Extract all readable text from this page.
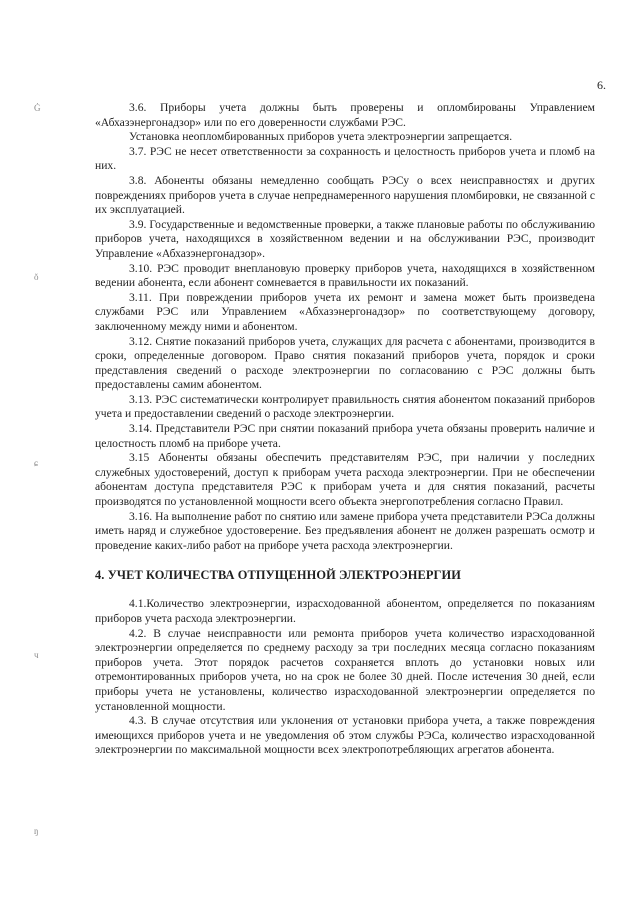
6.
Ġ
ŏ
ɕ
ч
ŋ

3.6. Приборы учета должны быть проверены и опломбированы Управлением «Абхазэнергонадзор» или по его доверенности службами РЭС.

Установка неопломбированных приборов учета электроэнергии запрещается.

3.7. РЭС не несет ответственности за сохранность и целостность приборов учета и пломб на них.

3.8. Абоненты обязаны немедленно сообщать РЭСу о всех неисправностях и других повреждениях приборов учета в случае непреднамеренного нарушения пломбировки, не связанной с их эксплуатацией.

3.9. Государственные и ведомственные проверки, а также плановые работы по обслуживанию приборов учета, находящихся в хозяйственном ведении и на обслуживании РЭС, производит Управление «Абхазэнергонадзор».

3.10. РЭС проводит внеплановую проверку приборов учета, находящихся в хозяйственном ведении абонента, если абонент сомневается в правильности их показаний.

3.11. При повреждении приборов учета их ремонт и замена может быть произведена службами РЭС или Управлением «Абхазэнергонадзор» по соответствующему договору, заключенному между ними и абонентом.

3.12. Снятие показаний приборов учета, служащих для расчета с абонентами, производится в сроки, определенные договором. Право снятия показаний приборов учета, порядок и сроки представления сведений о расходе электроэнергии по согласованию с РЭС должны быть предоставлены самим абонентом.

3.13. РЭС систематически контролирует правильность снятия абонентом показаний приборов учета и предоставлении сведений о расходе электроэнергии.

3.14. Представители РЭС при снятии показаний прибора учета обязаны проверить наличие и целостность пломб на приборе учета.

3.15 Абоненты обязаны обеспечить представителям РЭС, при наличии у последних служебных удостоверений, доступ к приборам учета расхода электроэнергии. При не обеспечении абонентам доступа представителя РЭС к приборам учета и для снятия показаний, расчеты производятся по установленной мощности всего объекта энергопотребления согласно Правил.

3.16. На выполнение работ по снятию или замене прибора учета представители РЭСа должны иметь наряд и служебное удостоверение. Без предъявления абонент не должен разрешать осмотр и проведение каких-либо работ на приборе учета расхода электроэнергии.

4. УЧЕТ КОЛИЧЕСТВА ОТПУЩЕННОЙ ЭЛЕКТРОЭНЕРГИИ

4.1.Количество электроэнергии, израсходованной абонентом, определяется по показаниям приборов учета расхода электроэнергии.

4.2. В случае неисправности или ремонта приборов учета количество израсходованной электроэнергии определяется по среднему расходу за три последних месяца согласно показаниям приборов учета. Этот порядок расчетов сохраняется вплоть до установки новых или отремонтированных приборов учета, но на срок не более 30 дней. После истечения 30 дней, если приборы учета не установлены, количество израсходованной электроэнергии определяется по установленной мощности.

4.3. В случае отсутствия или уклонения от установки прибора учета, а также повреждения имеющихся приборов учета и не уведомления об этом службы РЭСа, количество израсходованной электроэнергии по максимальной мощности всех электропотребляющих агрегатов абонента.
